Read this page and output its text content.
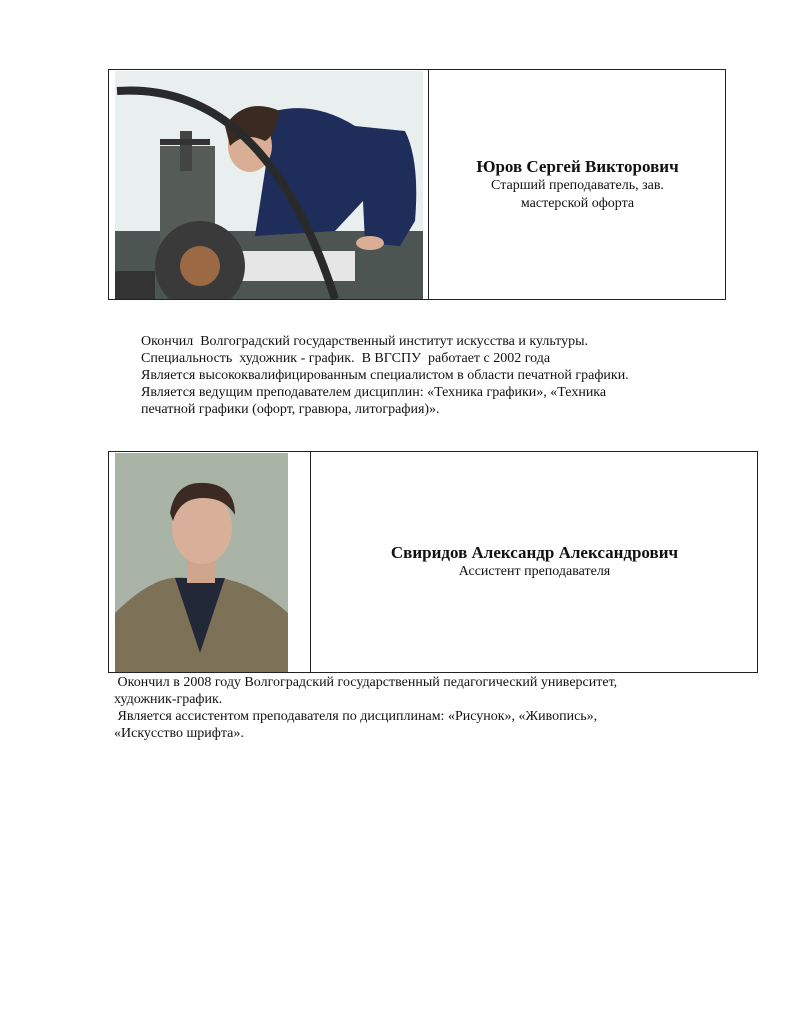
Юров Сергей Викторович
Старший преподаватель, зав.
мастерской офорта
Окончил  Волгоградский государственный институт искусства и культуры.
Специальность  художник - график.  В ВГСПУ  работает с 2002 года
Является высококвалифицированным специалистом в области печатной графики.
Является ведущим преподавателем дисциплин: «Техника графики», «Техника
печатной графики (офорт, гравюра, литография)».
Свиридов Александр Александрович
Ассистент преподавателя
Окончил в 2008 году Волгоградский государственный педагогический университет,
художник-график.
Является ассистентом преподавателя по дисциплинам: «Рисунок», «Живопись»,
«Искусство шрифта».
